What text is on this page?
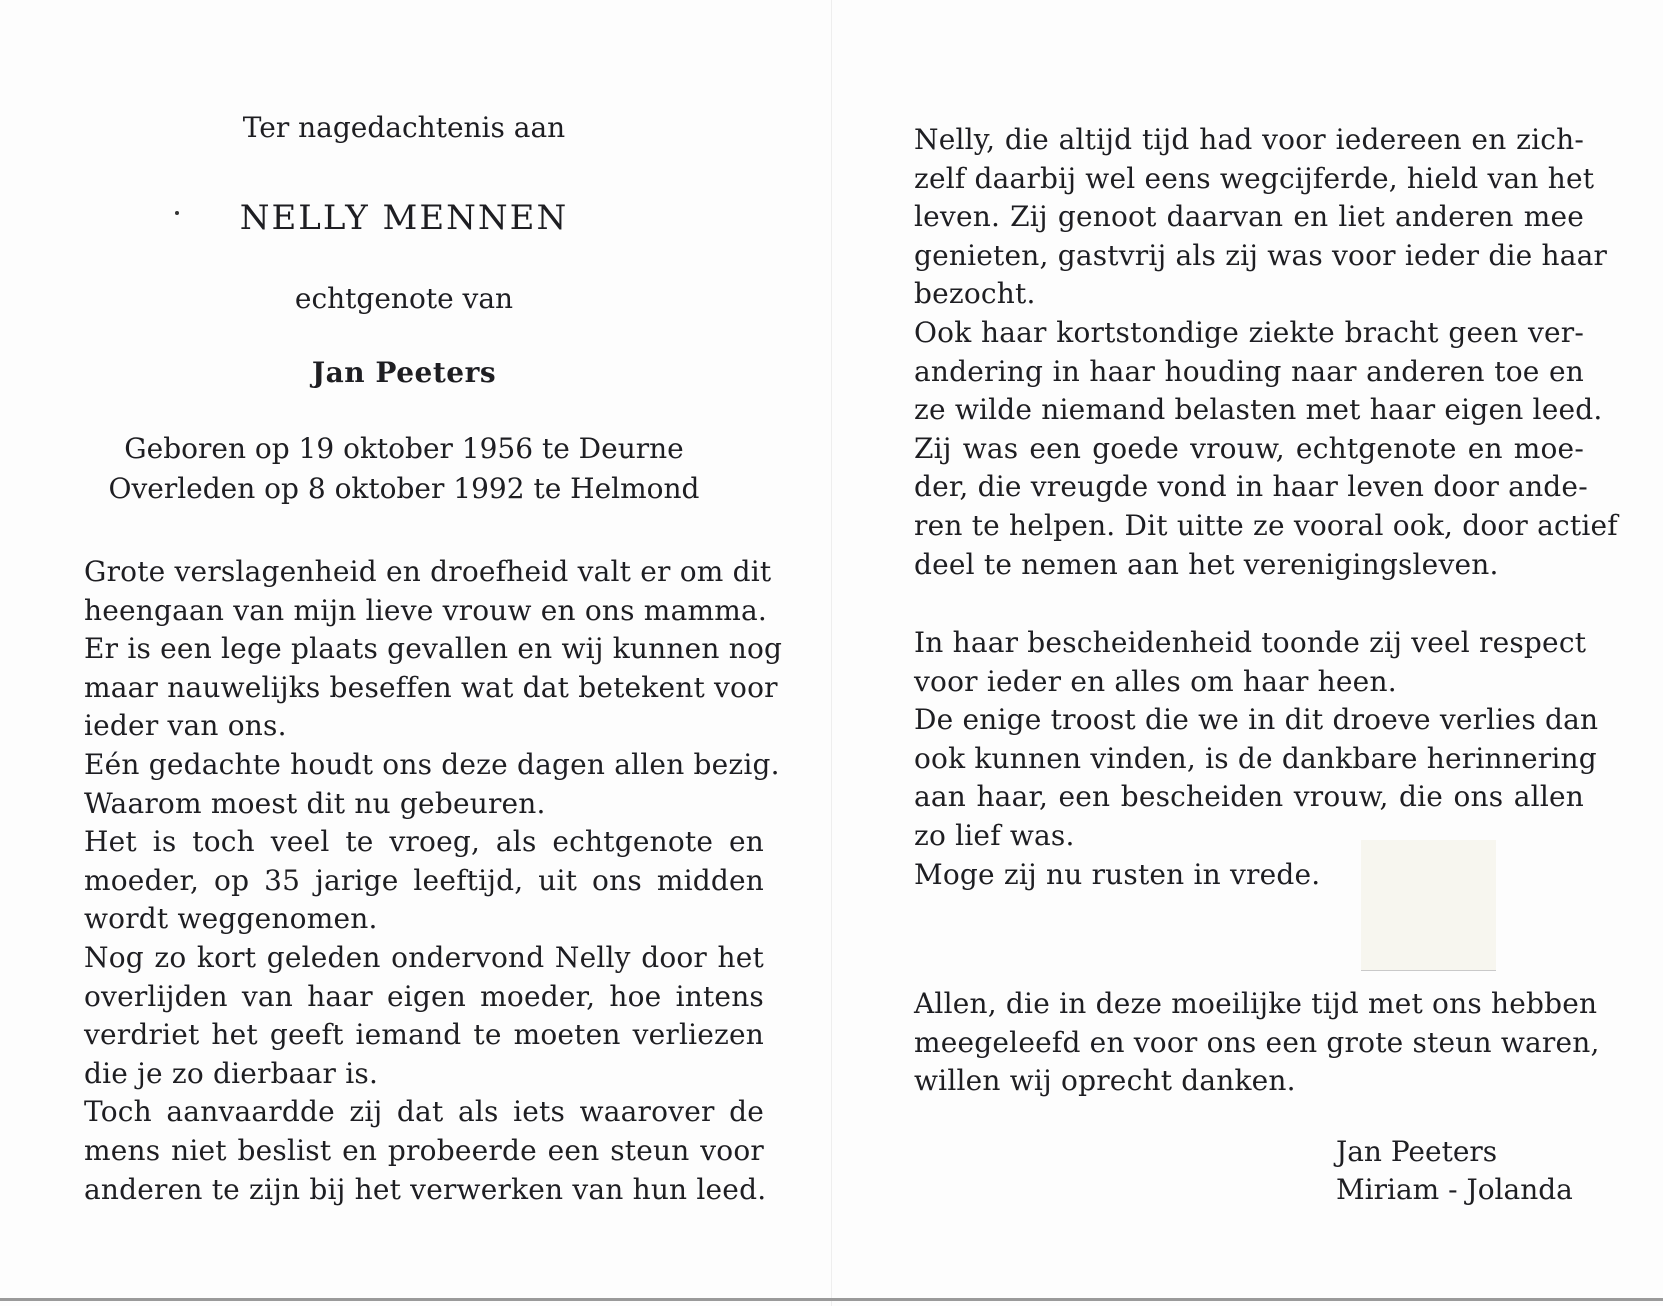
Ter nagedachtenis aan
NELLY MENNEN
echtgenote van
Jan Peeters
Geboren op 19 oktober 1956 te Deurne
Overleden op 8 oktober 1992 te Helmond
Grote verslagenheid en droefheid valt er om dit
heengaan van mijn lieve vrouw en ons mamma.
Er is een lege plaats gevallen en wij kunnen nog
maar nauwelijks beseffen wat dat betekent voor
ieder van ons.
Eén gedachte houdt ons deze dagen allen bezig.
Waarom moest dit nu gebeuren.
Het is toch veel te vroeg, als echtgenote en
moeder, op 35 jarige leeftijd, uit ons midden
wordt weggenomen.
Nog zo kort geleden ondervond Nelly door het
overlijden van haar eigen moeder, hoe intens
verdriet het geeft iemand te moeten verliezen
die je zo dierbaar is.
Toch aanvaardde zij dat als iets waarover de
mens niet beslist en probeerde een steun voor
anderen te zijn bij het verwerken van hun leed.
Nelly, die altijd tijd had voor iedereen en zich-
zelf daarbij wel eens wegcijferde, hield van het
leven. Zij genoot daarvan en liet anderen mee
genieten, gastvrij als zij was voor ieder die haar
bezocht.
Ook haar kortstondige ziekte bracht geen ver-
andering in haar houding naar anderen toe en
ze wilde niemand belasten met haar eigen leed.
Zij was een goede vrouw, echtgenote en moe-
der, die vreugde vond in haar leven door ande-
ren te helpen. Dit uitte ze vooral ook, door actief
deel te nemen aan het verenigingsleven.
In haar bescheidenheid toonde zij veel respect
voor ieder en alles om haar heen.
De enige troost die we in dit droeve verlies dan
ook kunnen vinden, is de dankbare herinnering
aan haar, een bescheiden vrouw, die ons allen
zo lief was.
Moge zij nu rusten in vrede.
Allen, die in deze moeilijke tijd met ons hebben
meegeleefd en voor ons een grote steun waren,
willen wij oprecht danken.
Jan Peeters
Miriam - Jolanda
